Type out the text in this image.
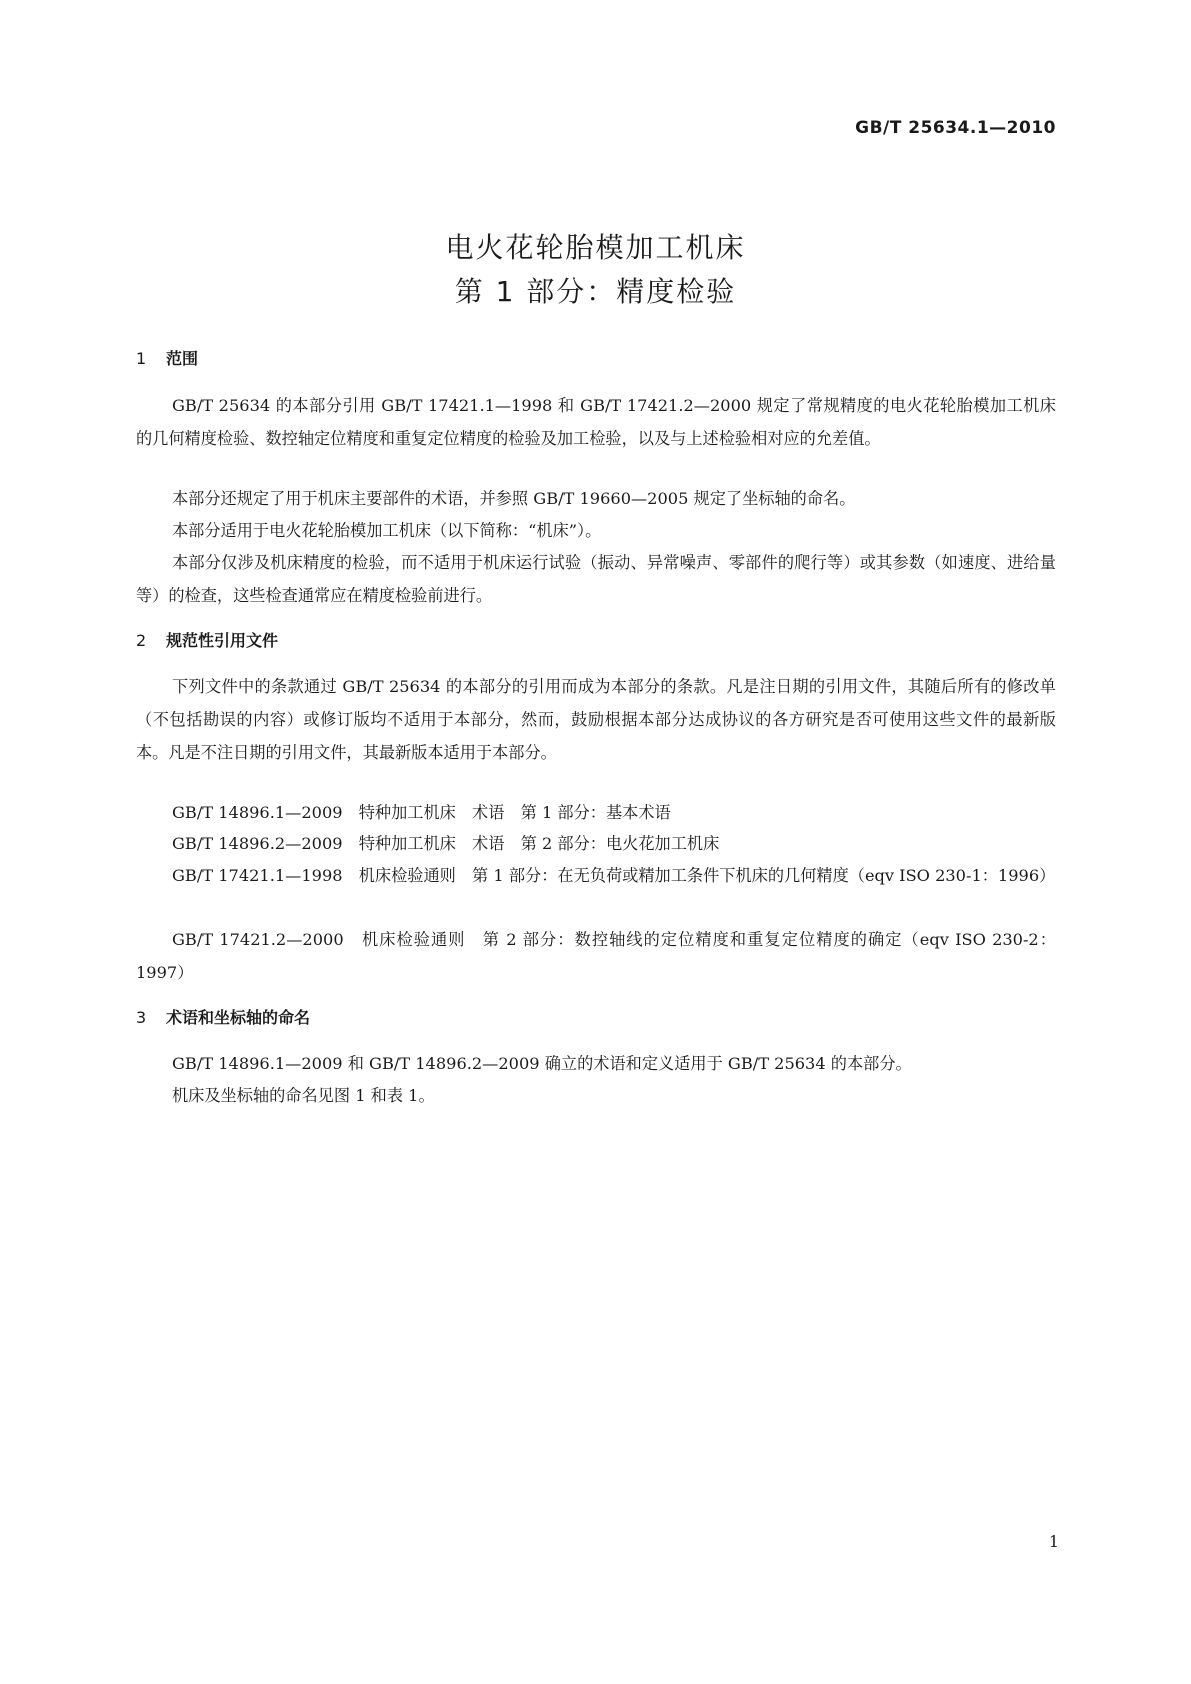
GB/T 25634.1—2010
电火花轮胎模加工机床
第 1 部分：精度检验
1 范围
GB/T 25634 的本部分引用 GB/T 17421.1—1998 和 GB/T 17421.2—2000 规定了常规精度的电火花轮胎模加工机床的几何精度检验、数控轴定位精度和重复定位精度的检验及加工检验，以及与上述检验相对应的允差值。
本部分还规定了用于机床主要部件的术语，并参照 GB/T 19660—2005 规定了坐标轴的命名。
本部分适用于电火花轮胎模加工机床（以下简称：“机床”）。
本部分仅涉及机床精度的检验，而不适用于机床运行试验（振动、异常噪声、零部件的爬行等）或其参数（如速度、进给量等）的检查，这些检查通常应在精度检验前进行。
2 规范性引用文件
下列文件中的条款通过 GB/T 25634 的本部分的引用而成为本部分的条款。凡是注日期的引用文件，其随后所有的修改单（不包括勘误的内容）或修订版均不适用于本部分，然而，鼓励根据本部分达成协议的各方研究是否可使用这些文件的最新版本。凡是不注日期的引用文件，其最新版本适用于本部分。
GB/T 14896.1—2009　特种加工机床　术语　第 1 部分：基本术语
GB/T 14896.2—2009　特种加工机床　术语　第 2 部分：电火花加工机床
GB/T 17421.1—1998　机床检验通则　第 1 部分：在无负荷或精加工条件下机床的几何精度（eqv ISO 230-1：1996）
GB/T 17421.2—2000　机床检验通则　第 2 部分：数控轴线的定位精度和重复定位精度的确定（eqv ISO 230-2：1997）
3 术语和坐标轴的命名
GB/T 14896.1—2009 和 GB/T 14896.2—2009 确立的术语和定义适用于 GB/T 25634 的本部分。
机床及坐标轴的命名见图 1 和表 1。
1
